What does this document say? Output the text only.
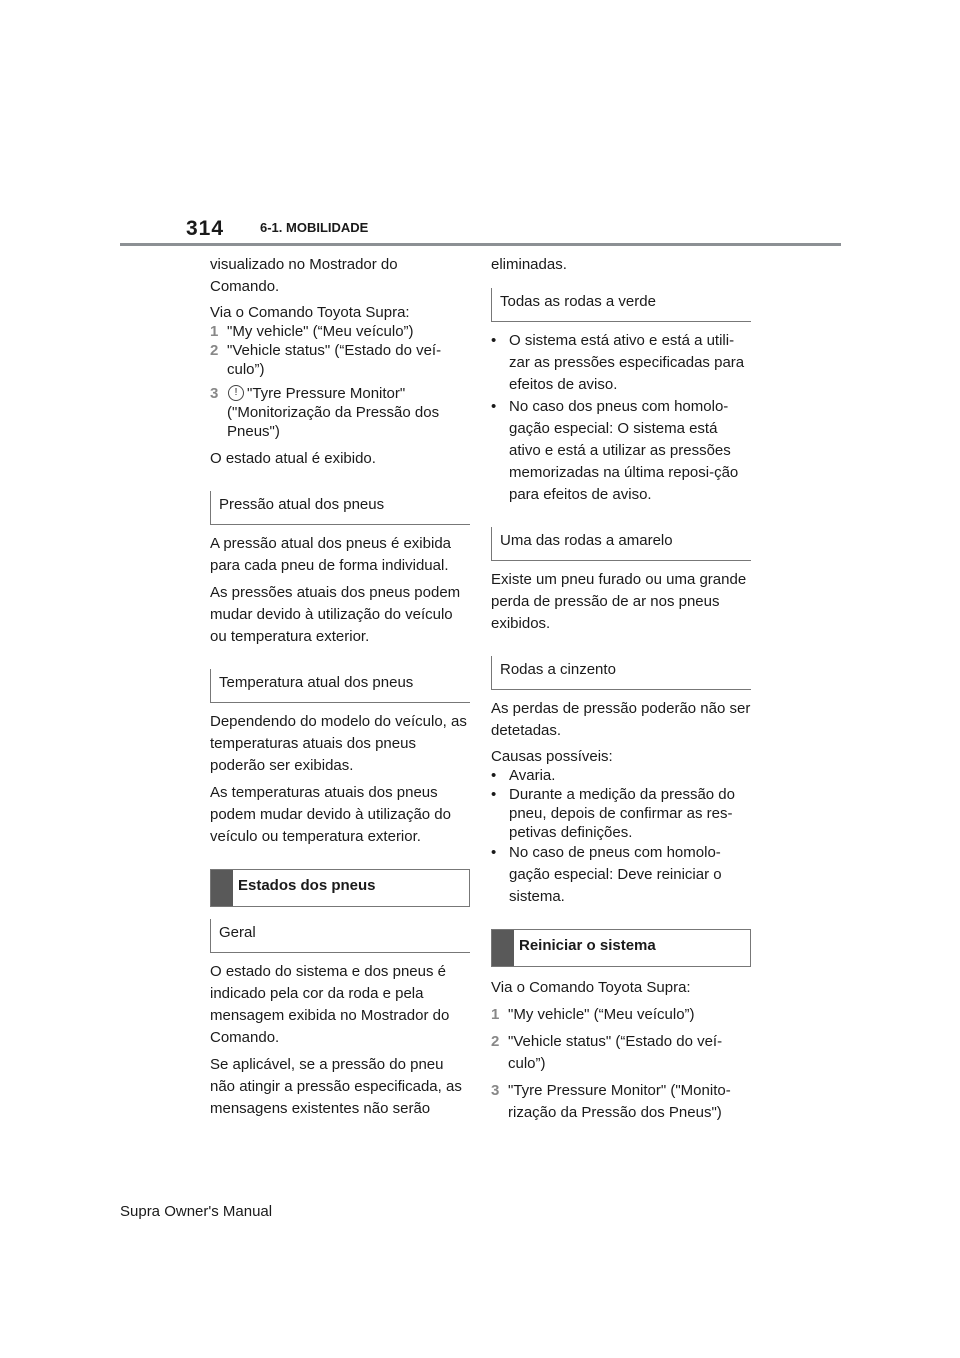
314	6-1. MOBILIDADE

visualizado no Mostrador do Comando.

Via o Comando Toyota Supra:
1 "My vehicle" (“Meu veículo”)
2 "Vehicle status" (“Estado do veí-culo”)
3	! "Tyre Pressure Monitor" ("Monitorização da Pressão dos Pneus")

O estado atual é exibido.

Pressão atual dos pneus

A pressão atual dos pneus é exibida para cada pneu de forma individual.

As pressões atuais dos pneus podem mudar devido à utilização do veículo ou temperatura exterior.

Temperatura atual dos pneus

Dependendo do modelo do veículo, as temperaturas atuais dos pneus poderão ser exibidas.

As temperaturas atuais dos pneus podem mudar devido à utilização do veículo ou temperatura exterior.

Estados dos pneus
Geral

O estado do sistema e dos pneus é indicado pela cor da roda e pela mensagem exibida no Mostrador do Comando.

Se aplicável, se a pressão do pneu não atingir a pressão especificada, as mensagens existentes não serão

eliminadas.

Todas as rodas a verde
• O sistema está ativo e está a utili-zar as pressões especificadas para efeitos de aviso.
• No caso dos pneus com homolo-gação especial: O sistema está ativo e está a utilizar as pressões memorizadas na última reposi-ção para efeitos de aviso.
Uma das rodas a amarelo

Existe um pneu furado ou uma grande perda de pressão de ar nos pneus exibidos.

Rodas a cinzento

As perdas de pressão poderão não ser detetadas.

Causas possíveis:
• Avaria.
• Durante a medição da pressão do pneu, depois de confirmar as res-petivas definições.
• No caso de pneus com homolo-gação especial: Deve reiniciar o sistema.
Reiniciar o sistema

Via o Comando Toyota Supra:

1 "My vehicle" (“Meu veículo”)
2 "Vehicle status" (“Estado do veí-culo”)
3 "Tyre Pressure Monitor" ("Monito-rização da Pressão dos Pneus")
Supra Owner's Manual
